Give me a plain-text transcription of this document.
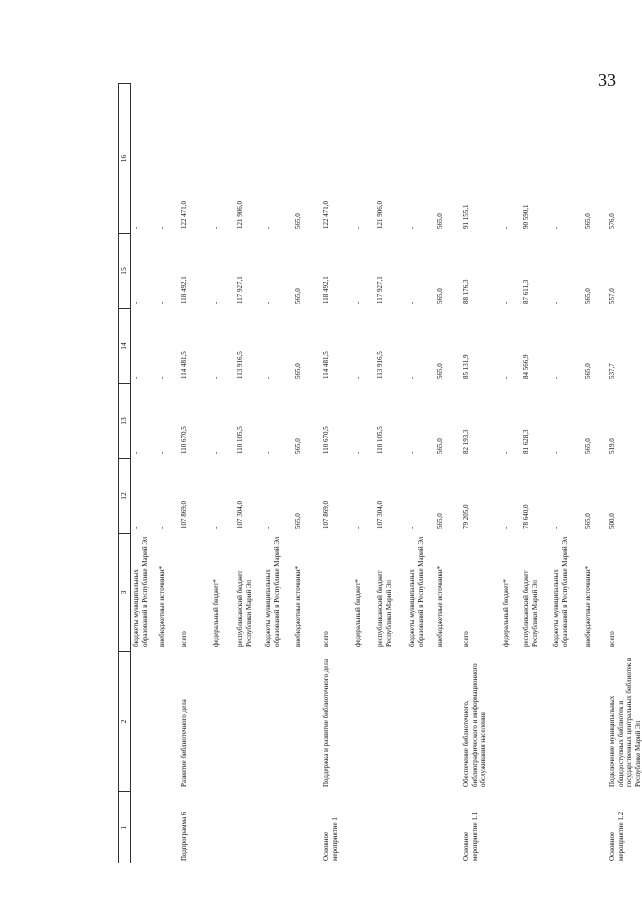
33
1
2
3
12
13
14
15
16
бюджеты муниципальных образований в Республике Марий Эл
-
-
-
-
-
внебюджетные источники*
-
-
-
-
-
Подпрограмма 6
Развитие библиотечного дела
всего
107 869,0
110 670,5
114 481,5
118 492,1
122 471,0
федеральный бюджет*
-
-
-
-
-
республиканский бюджет Республики Марий Эл
107 304,0
110 105,5
113 916,5
117 927,1
121 906,0
бюджеты муниципальных образований в Республике Марий Эл
-
-
-
-
-
внебюджетные источники*
565,0
565,0
565,0
565,0
565,0
Основное мероприятие 1
Поддержка и развитие библиотечного дела
всего
107 869,0
110 670,5
114 481,5
118 492,1
122 471,0
федеральный бюджет*
-
-
-
-
-
республиканский бюджет Республики Марий Эл
107 304,0
110 105,5
113 916,5
117 927,1
121 906,0
бюджеты муниципальных образований в Республике Марий Эл
-
-
-
-
-
внебюджетные источники*
565,0
565,0
565,0
565,0
565,0
Основное мероприятие 1.1
Обеспечение библиотечного, библиографического и информационного обслуживания населения
всего
79 205,0
82 193,3
85 131,9
88 176,3
91 155,1
федеральный бюджет*
-
-
-
-
-
республиканский бюджет Республики Марий Эл
78 640,0
81 628,3
84 566,9
87 611,3
90 590,1
бюджеты муниципальных образований в Республике Марий Эл
-
-
-
-
-
внебюджетные источники*
565,0
565,0
565,0
565,0
565,0
Основное мероприятие 1.2
Подключение муниципальных общедоступных библиотек и государственных центральных библиотек в Республике Марий Эл
всего
500,0
519,0
537,7
557,0
576,0
